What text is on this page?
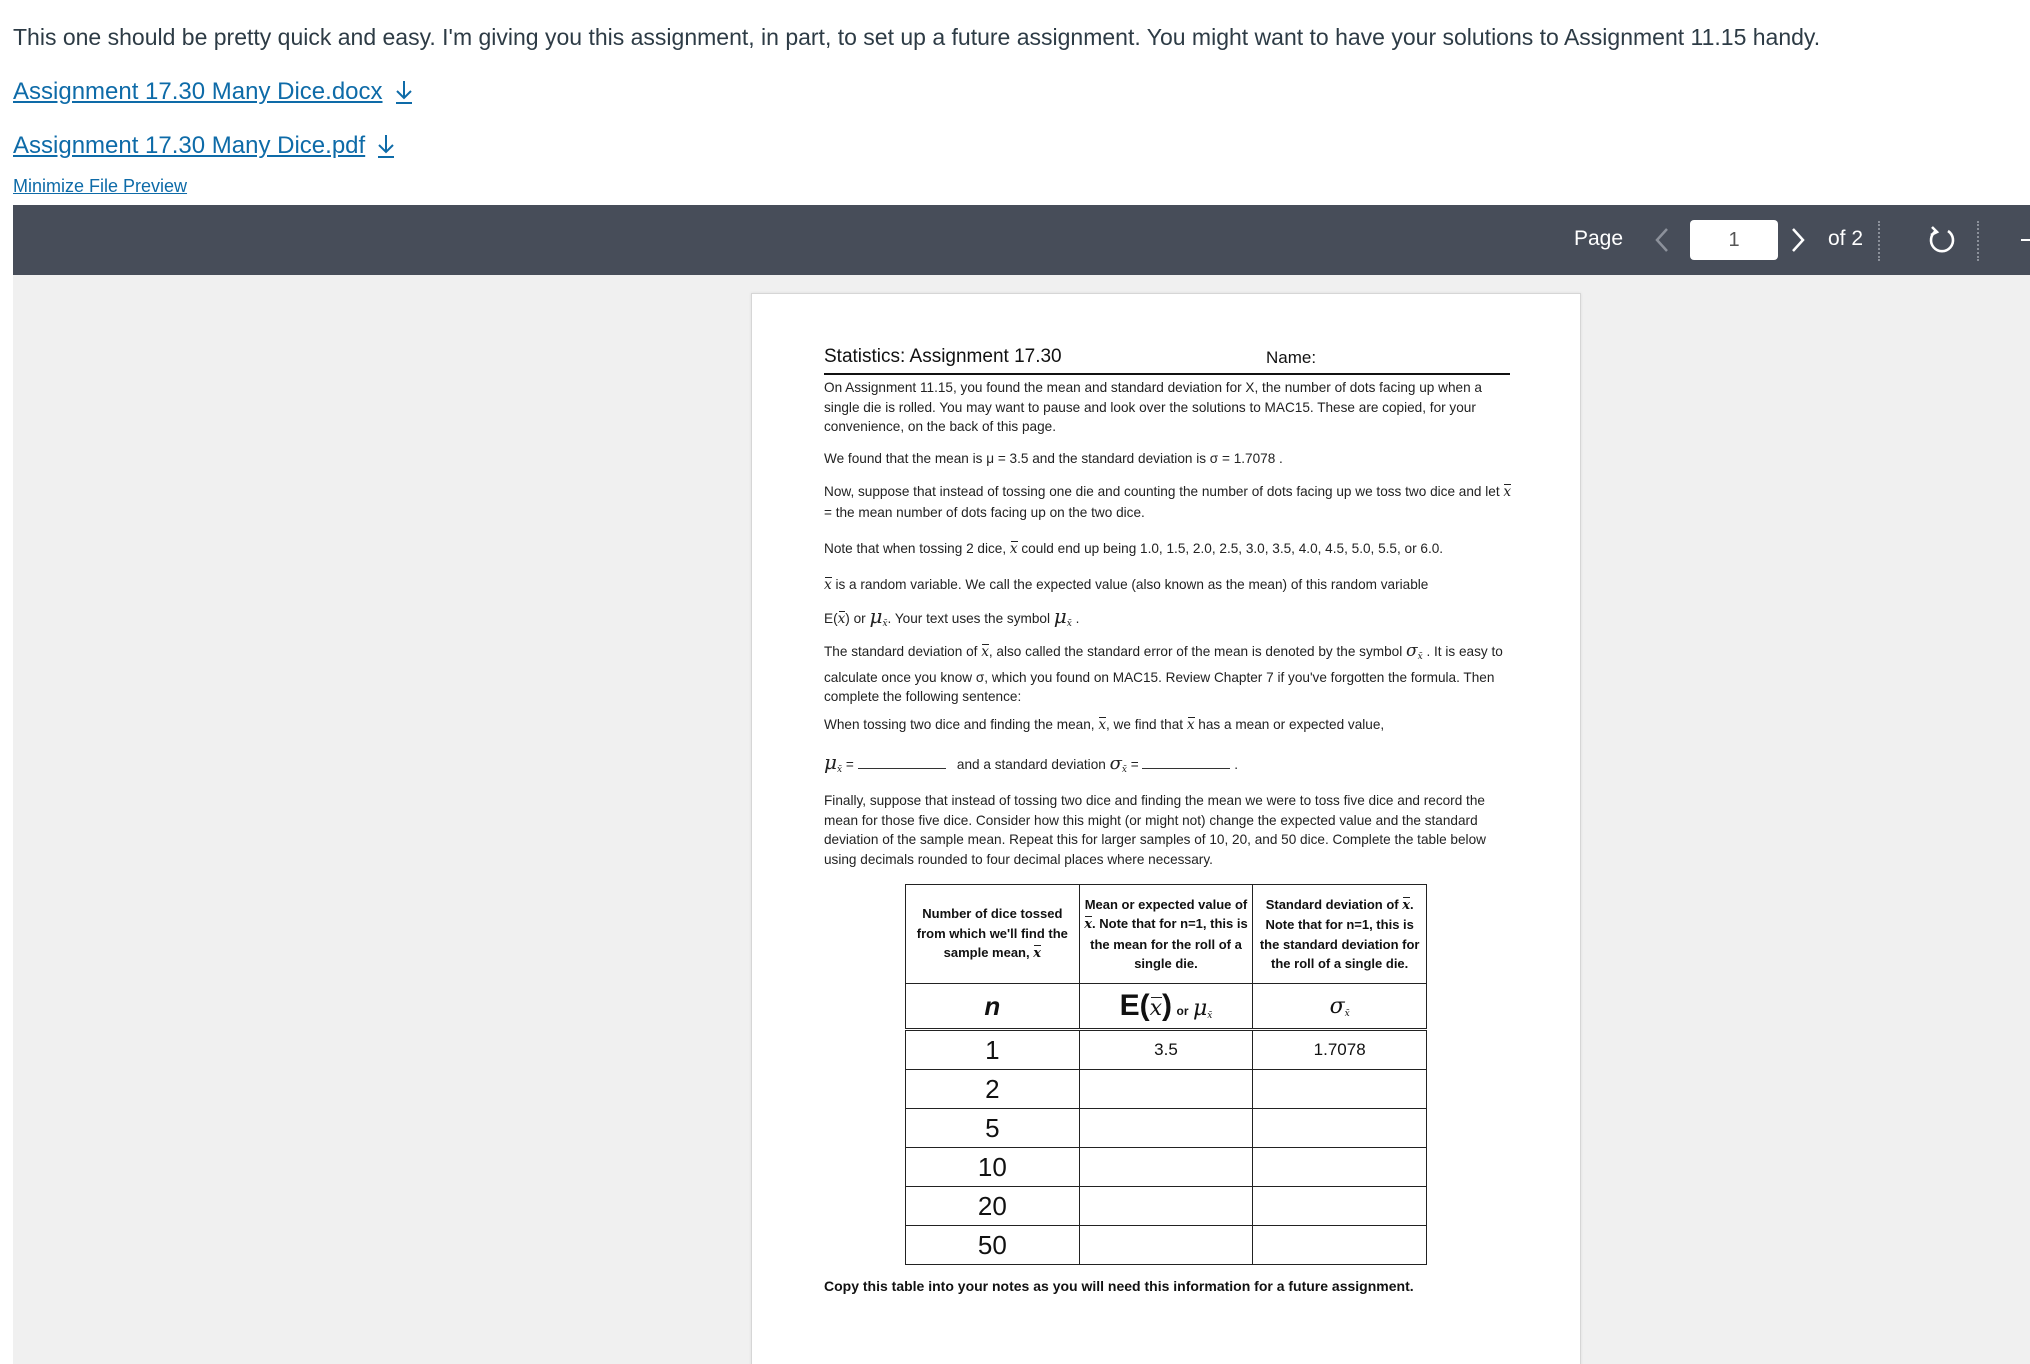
This one should be pretty quick and easy. I'm giving you this assignment, in part, to set up a future assignment. You might want to have your solutions to Assignment 11.15 handy.
Assignment 17.30 Many Dice.docx
Assignment 17.30 Many Dice.pdf
Minimize File Preview
Page
1	of 2
Statistics: Assignment 17.30	Name:
On Assignment 11.15, you found the mean and standard deviation for X, the number of dots facing up when a single die is rolled. You may want to pause and look over the solutions to MAC15. These are copied, for your convenience, on the back of this page.
We found that the mean is μ = 3.5 and the standard deviation is σ = 1.7078 .
Now, suppose that instead of tossing one die and counting the number of dots facing up we toss two dice and let x = the mean number of dots facing up on the two dice.
Note that when tossing 2 dice, x could end up being 1.0, 1.5, 2.0, 2.5, 3.0, 3.5, 4.0, 4.5, 5.0, 5.5, or 6.0.
x is a random variable. We call the expected value (also known as the mean) of this random variable
E(x) or $\mu_{x̄}$. Your text uses the symbol $\mu_{x̄}$ .
The standard deviation of x, also called the standard error of the mean is denoted by the symbol $\sigma_{x̄}$ . It is easy to calculate once you know σ, which you found on MAC15. Review Chapter 7 if you've forgotten the formula. Then complete the following sentence:
When tossing two dice and finding the mean, x, we find that x has a mean or expected value,
$\mu_{x̄}$ =	and a standard deviation $\sigma_{x̄}$ =	.
Finally, suppose that instead of tossing two dice and finding the mean we were to toss five dice and record the mean for those five dice. Consider how this might (or might not) change the expected value and the standard deviation of the sample mean. Repeat this for larger samples of 10, 20, and 50 dice. Complete the table below using decimals rounded to four decimal places where necessary.
Number of dice tossed from which we'll find the sample mean, x	Mean or expected value of x. Note that for n=1, this is the mean for the roll of a single die.	Standard deviation of x. Note that for n=1, this is the standard deviation for the roll of a single die.
n	E(x) or $\mu_{x̄}$	$\sigma_{x̄}$
1	3.5	1.7078
2		
5		
10		
20		
50		
Copy this table into your notes as you will need this information for a future assignment.
